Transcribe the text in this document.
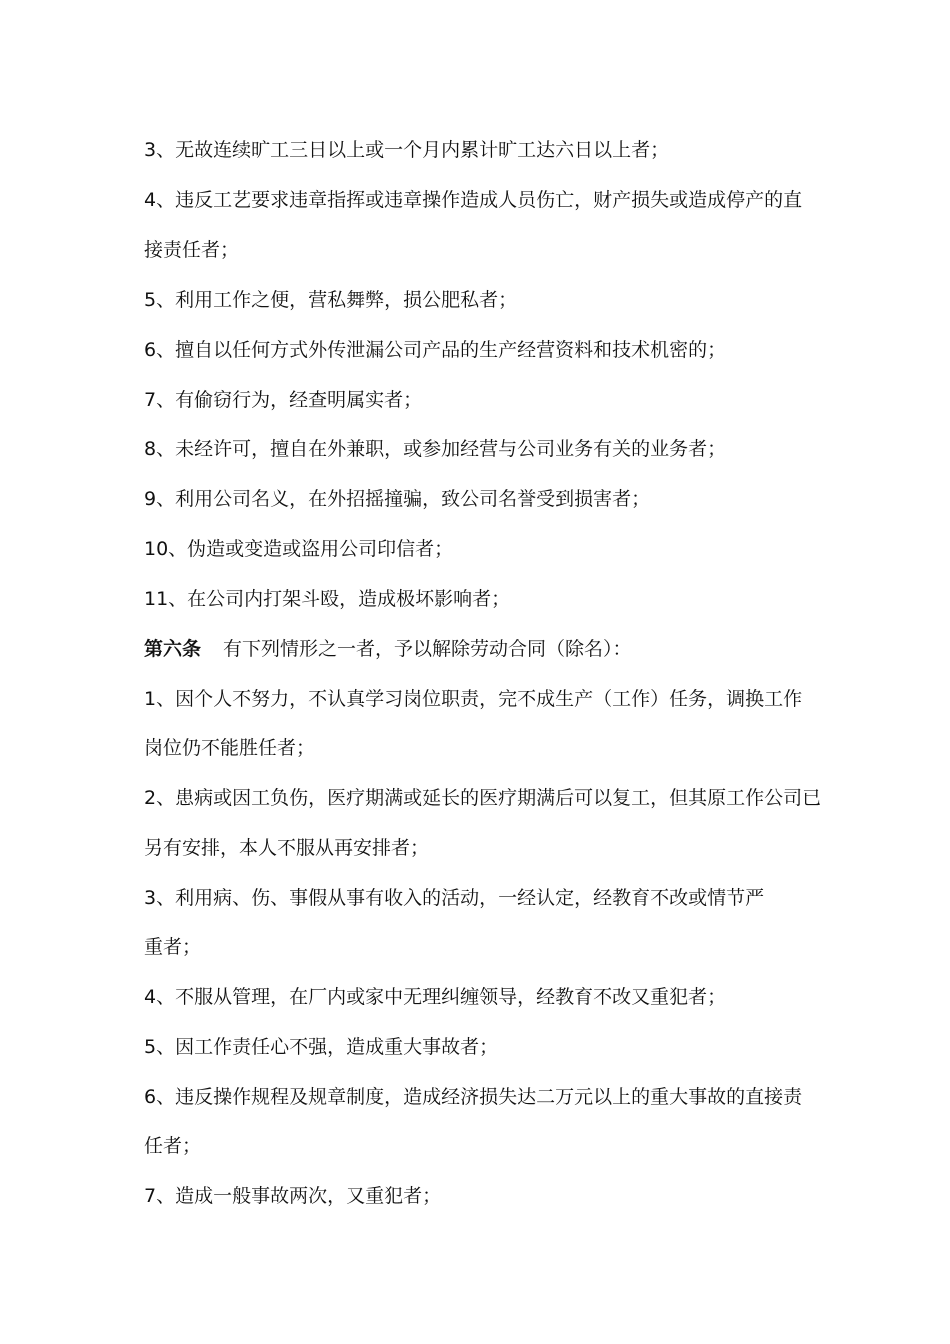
3、无故连续旷工三日以上或一个月内累计旷工达六日以上者；
4、违反工艺要求违章指挥或违章操作造成人员伤亡，财产损失或造成停产的直
接责任者；
5、利用工作之便，营私舞弊，损公肥私者；
6、擅自以任何方式外传泄漏公司产品的生产经营资料和技术机密的；
7、有偷窃行为，经查明属实者；
8、未经许可，擅自在外兼职，或参加经营与公司业务有关的业务者；
9、利用公司名义，在外招摇撞骗，致公司名誉受到损害者；
10、伪造或变造或盗用公司印信者；
11、在公司内打架斗殴，造成极坏影响者；
第六条 有下列情形之一者，予以解除劳动合同（除名）：
1、因个人不努力，不认真学习岗位职责，完不成生产（工作）任务，调换工作
岗位仍不能胜任者；
2、患病或因工负伤，医疗期满或延长的医疗期满后可以复工，但其原工作公司已
另有安排，本人不服从再安排者；
3、利用病、伤、事假从事有收入的活动，一经认定，经教育不改或情节严
重者；
4、不服从管理，在厂内或家中无理纠缠领导，经教育不改又重犯者；
5、因工作责任心不强，造成重大事故者；
6、违反操作规程及规章制度，造成经济损失达二万元以上的重大事故的直接责
任者；
7、造成一般事故两次，又重犯者；
